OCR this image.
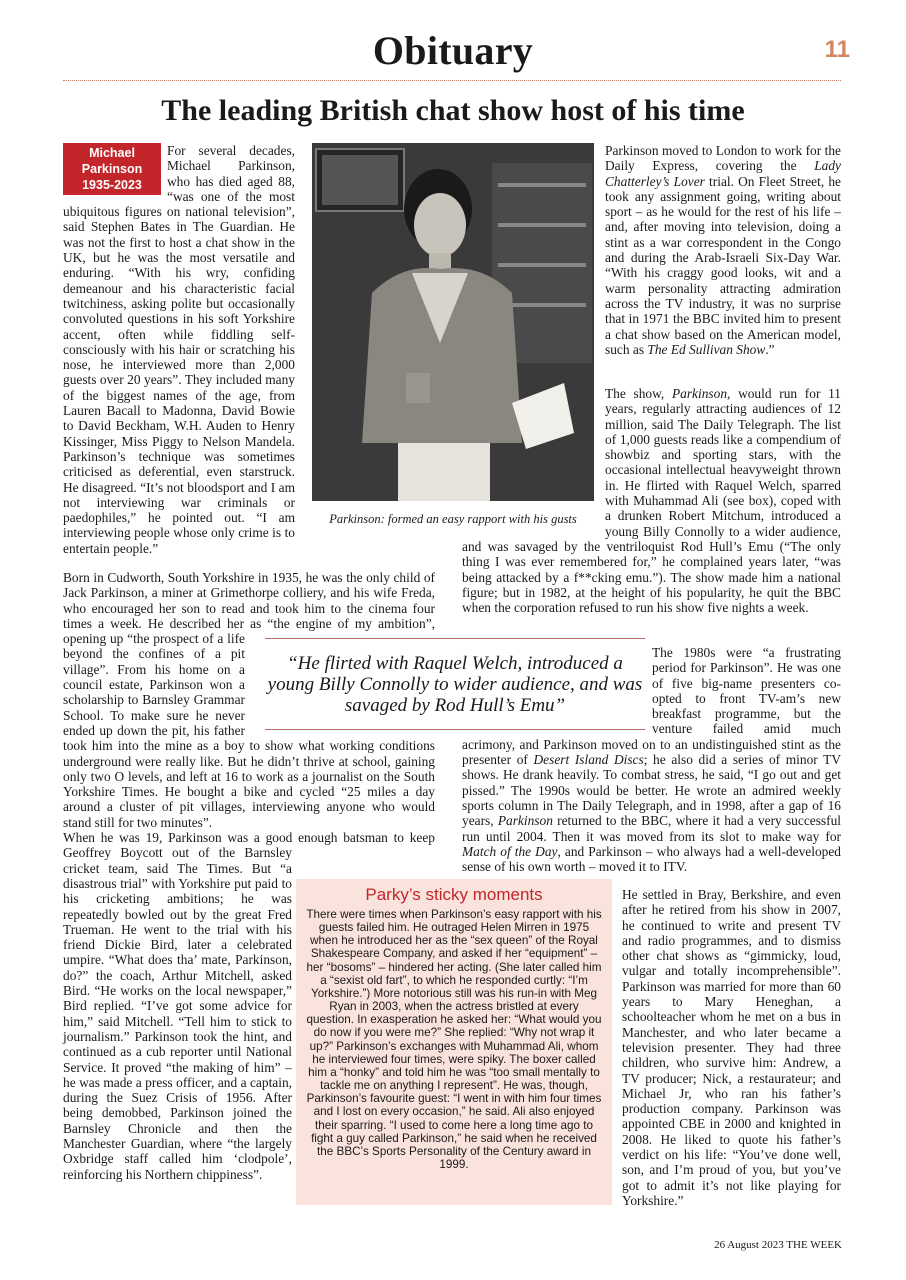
Obituary	11
The leading British chat show host of his time
Michael
Parkinson
1935-2023

For several decades, Michael Parkinson, who has died aged 88, “was one of the most ubiquitous figures on national television”, said Stephen Bates in The Guardian. He was not the first to host a chat show in the UK, but he was the most versatile and enduring. “With his wry, confiding demeanour and his characteristic facial twitchiness, asking polite but occasionally convoluted questions in his soft Yorkshire accent, often while fiddling self-consciously with his hair or scratching his nose, he interviewed more than 2,000 guests over 20 years”. They included many of the biggest names of the age, from Lauren Bacall to Madonna, David Bowie to David Beckham, W.H. Auden to Henry Kissinger, Miss Piggy to Nelson Mandela. Parkinson’s technique was sometimes criticised as deferential, even starstruck. He disagreed. “It’s not bloodsport and I am not interviewing war criminals or paedophiles,” he pointed out. “I am interviewing people whose only crime is to entertain people.”

Parkinson: formed an easy rapport with his gusts

Born in Cudworth, South Yorkshire in 1935, he was the only child of Jack Parkinson, a miner at Grimethorpe colliery, and his wife Freda, who encouraged her son to read and took him to the cinema four times a week. He described her as “the engine of my ambition”, opening up “the prospect of a life beyond the confines of a pit village”. From his home on a council estate, Parkinson won a scholarship to Barnsley Grammar School. To make sure he never ended up down the pit, his father took him into the mine as a boy to show what working conditions underground were really like. But he didn’t thrive at school, gaining only two O levels, and left at 16 to work as a journalist on the South Yorkshire Times. He bought a bike and cycled “25 miles a day around a cluster of pit villages, interviewing anyone who would stand still for two minutes”.

When he was 19, Parkinson was a good enough batsman to keep Geoffrey Boycott out of the Barnsley cricket team, said The Times. But “a disastrous trial” with Yorkshire put paid to his cricketing ambitions; he was repeatedly bowled out by the great Fred Trueman. He went to the trial with his friend Dickie Bird, later a celebrated umpire. “What does tha’ mate, Parkinson, do?” the coach, Arthur Mitchell, asked Bird. “He works on the local newspaper,” Bird replied. “I’ve got some advice for him,” said Mitchell. “Tell him to stick to journalism.” Parkinson took the hint, and continued as a cub reporter until National Service. It proved “the making of him” – he was made a press officer, and a captain, during the Suez Crisis of 1956. After being demobbed, Parkinson joined the Barnsley Chronicle and then the Manchester Guardian, where “the largely Oxbridge staff called him ‘clodpole’, reinforcing his Northern chippiness”.

Parkinson moved to London to work for the Daily Express, covering the Lady Chatterley’s Lover trial. On Fleet Street, he took any assignment going, writing about sport – as he would for the rest of his life – and, after moving into television, doing a stint as a war correspondent in the Congo and during the Arab-Israeli Six-Day War. “With his craggy good looks, wit and a warm personality attracting admiration across the TV industry, it was no surprise that in 1971 the BBC invited him to present a chat show based on the American model, such as The Ed Sullivan Show.”

The show, Parkinson, would run for 11 years, regularly attracting audiences of 12 million, said The Daily Telegraph. The list of 1,000 guests reads like a compendium of showbiz and sporting stars, with the occasional intellectual heavyweight thrown in. He flirted with Raquel Welch, sparred with Muhammad Ali (see box), coped with a drunken Robert Mitchum, introduced a young Billy Connolly to a wider audience, and was savaged by the ventriloquist Rod Hull’s Emu (“The only thing I was ever remembered for,” he complained years later, “was being attacked by a f**cking emu.”). The show made him a national figure; but in 1982, at the height of his popularity, he quit the BBC when the corporation refused to run his show five nights a week.

“He flirted with Raquel Welch, introduced a young Billy Connolly to wider audience, and was savaged by Rod Hull’s Emu”

The 1980s were “a frustrating period for Parkinson”. He was one of five big-name presenters co-opted to front TV-am’s new breakfast programme, but the venture failed amid much acrimony, and Parkinson moved on to an undistinguished stint as the presenter of Desert Island Discs; he also did a series of minor TV shows. He drank heavily. To combat stress, he said, “I go out and get pissed.” The 1990s would be better. He wrote an admired weekly sports column in The Daily Telegraph, and in 1998, after a gap of 16 years, Parkinson returned to the BBC, where it had a very successful run until 2004. Then it was moved from its slot to make way for Match of the Day, and Parkinson – who always had a well-developed sense of his own worth – moved it to ITV.

Parky’s sticky moments
There were times when Parkinson’s easy rapport with his guests failed him. He outraged Helen Mirren in 1975 when he introduced her as the “sex queen” of the Royal Shakespeare Company, and asked if her “equipment” – her “bosoms” – hindered her acting. (She later called him a “sexist old fart”, to which he responded curtly: “I’m Yorkshire.”) More notorious still was his run-in with Meg Ryan in 2003, when the actress bristled at every question. In exasperation he asked her: “What would you do now if you were me?” She replied: “Why not wrap it up?” Parkinson’s exchanges with Muhammad Ali, whom he interviewed four times, were spiky. The boxer called him a “honky” and told him he was “too small mentally to tackle me on anything I represent”. He was, though, Parkinson’s favourite guest: “I went in with him four times and I lost on every occasion,” he said. Ali also enjoyed their sparring. “I used to come here a long time ago to fight a guy called Parkinson,” he said when he received the BBC’s Sports Personality of the Century award in 1999.

He settled in Bray, Berkshire, and even after he retired from his show in 2007, he continued to write and present TV and radio programmes, and to dismiss other chat shows as “gimmicky, loud, vulgar and totally incomprehensible”. Parkinson was married for more than 60 years to Mary Heneghan, a schoolteacher whom he met on a bus in Manchester, and who later became a television presenter. They had three children, who survive him: Andrew, a TV producer; Nick, a restaurateur; and Michael Jr, who ran his father’s production company. Parkinson was appointed CBE in 2000 and knighted in 2008. He liked to quote his father’s verdict on his life: “You’ve done well, son, and I’m proud of you, but you’ve got to admit it’s not like playing for Yorkshire.”

26 August 2023 THE WEEK
